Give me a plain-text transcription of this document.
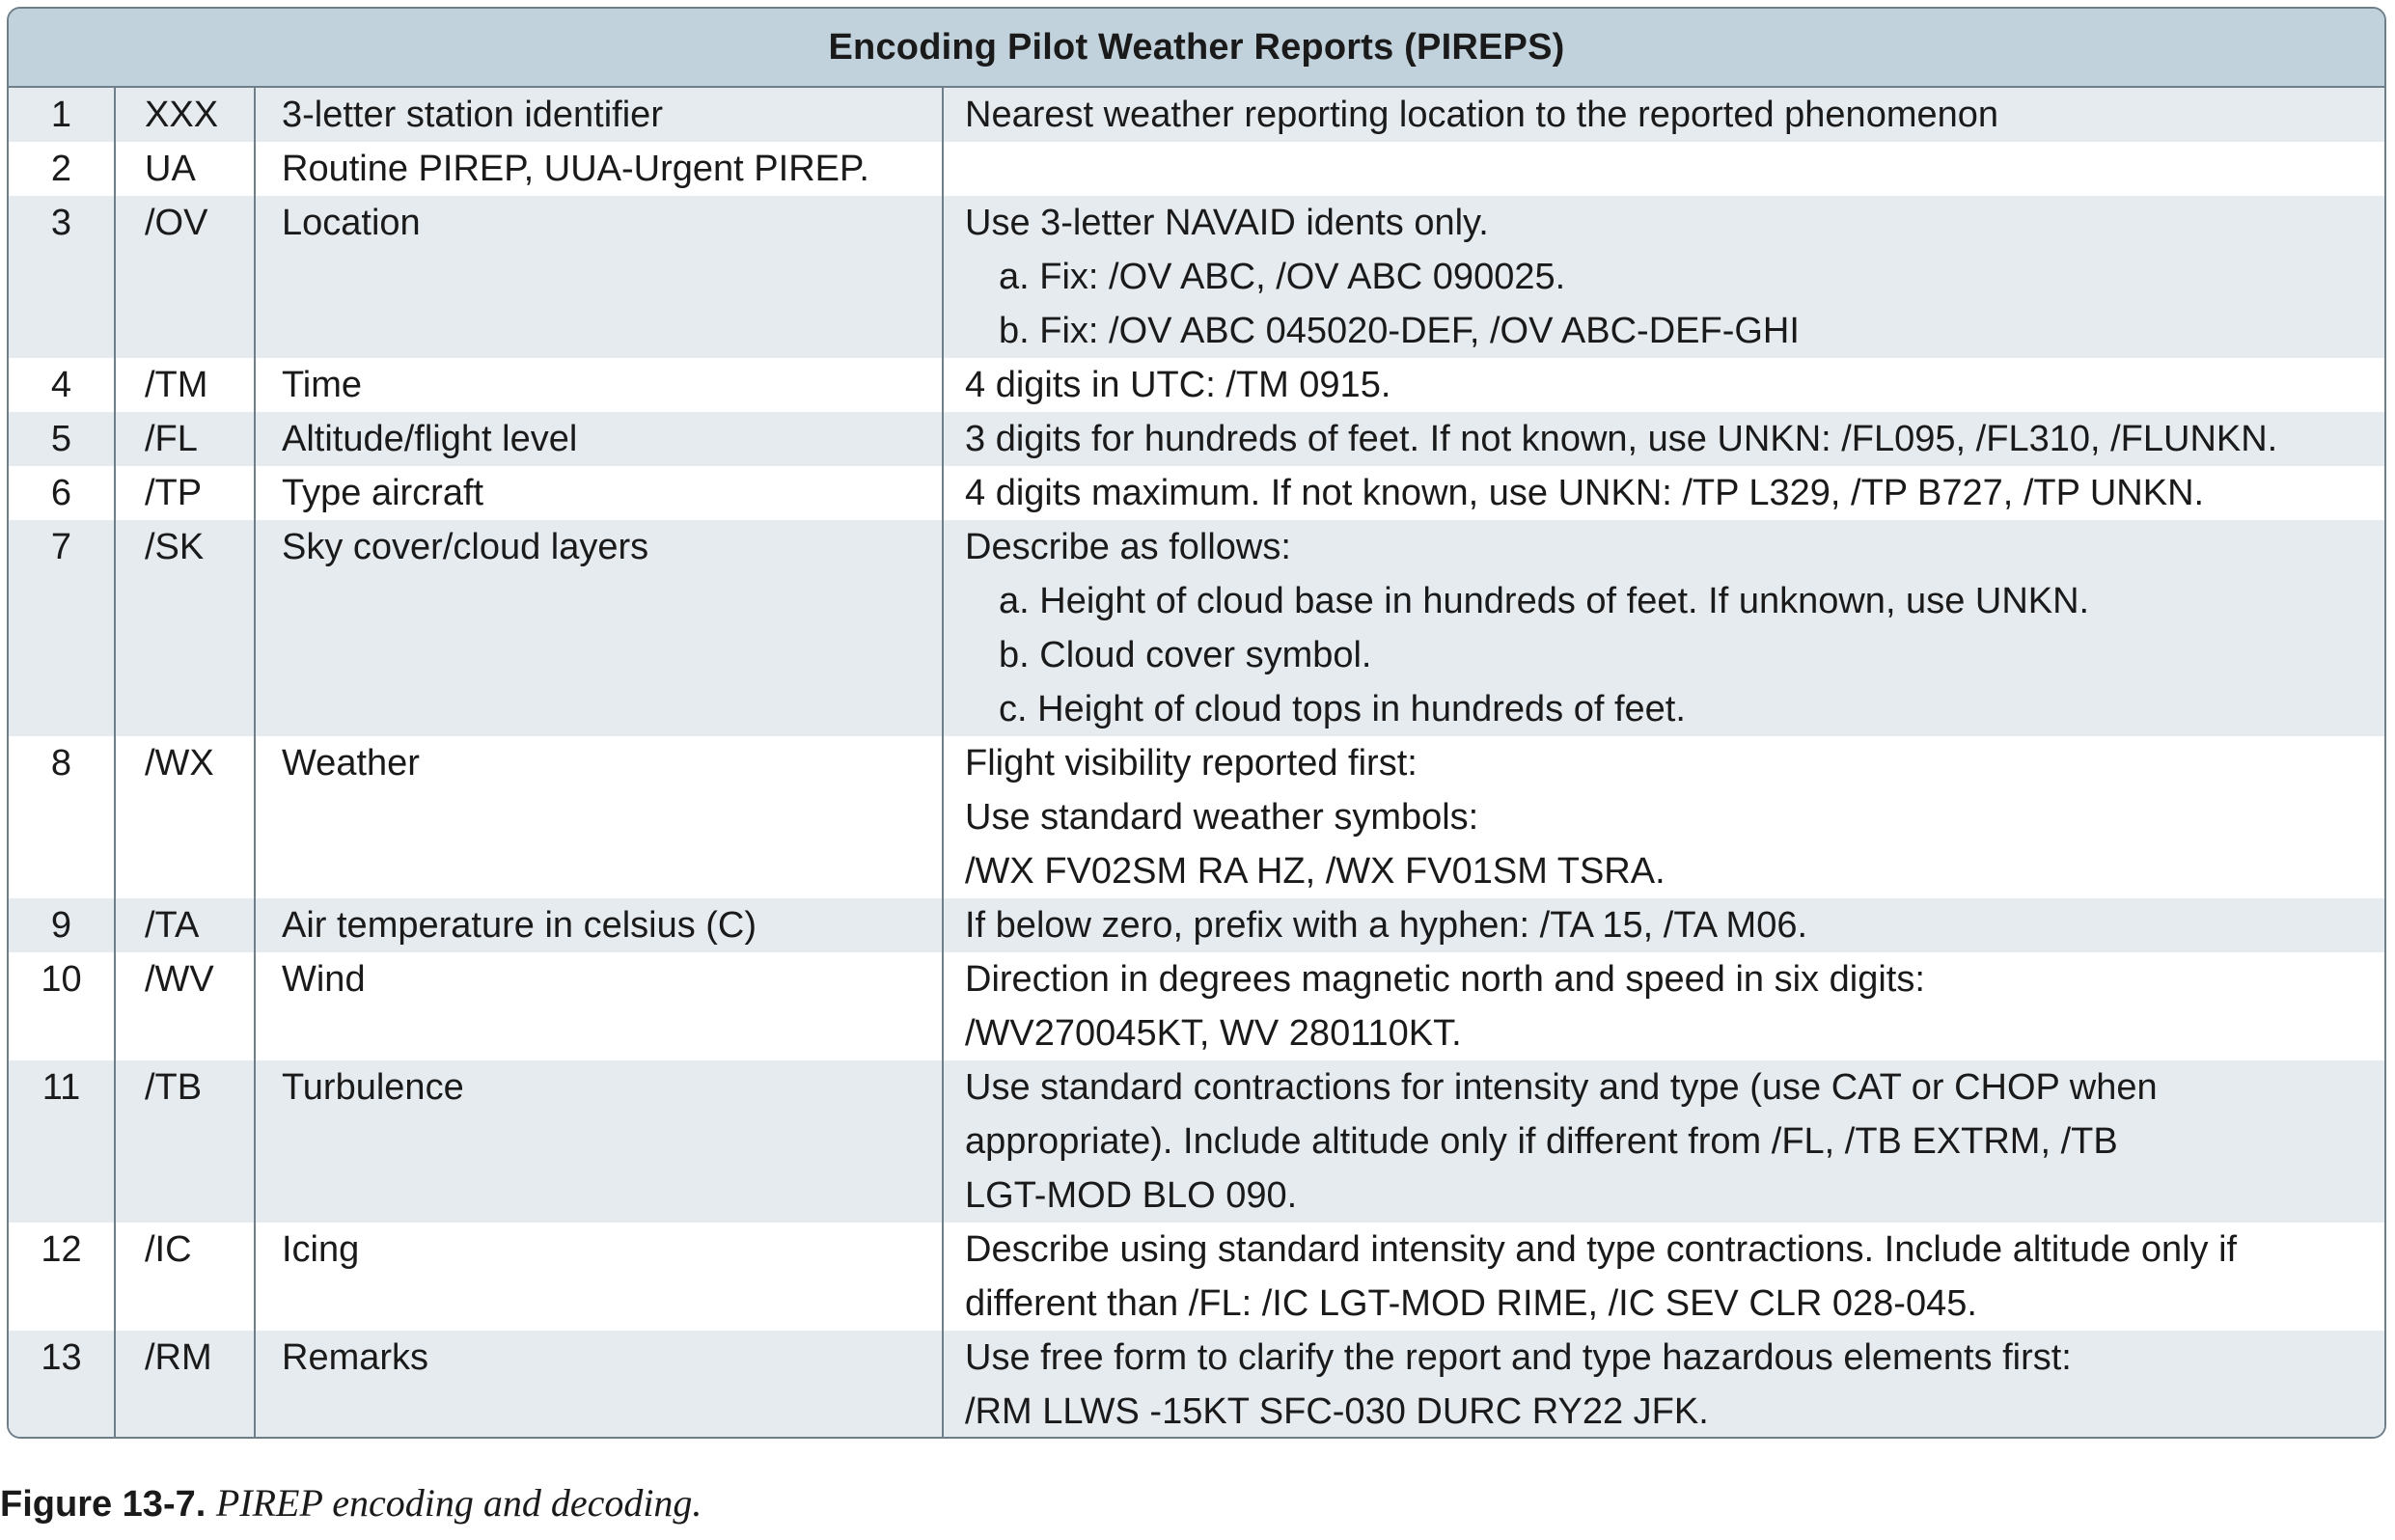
Encoding Pilot Weather Reports (PIREPS)
1	XXX	3-letter station identifier	Nearest weather reporting location to the reported phenomenon

2	UA	Routine PIREP, UUA-Urgent PIREP.	
3	/OV	Location	Use 3-letter NAVAID idents only.
a. Fix: /OV ABC, /OV ABC 090025.
b. Fix: /OV ABC 045020-DEF, /OV ABC-DEF-GHI

4	/TM	Time	4 digits in UTC: /TM 0915.

5	/FL	Altitude/flight level	3 digits for hundreds of feet. If not known, use UNKN: /FL095, /FL310, /FLUNKN.

6	/TP	Type aircraft	4 digits maximum. If not known, use UNKN: /TP L329, /TP B727, /TP UNKN.

7	/SK	Sky cover/cloud layers	Describe as follows:
a. Height of cloud base in hundreds of feet. If unknown, use UNKN.
b. Cloud cover symbol.
c. Height of cloud tops in hundreds of feet.

8	/WX	Weather	Flight visibility reported first:
Use standard weather symbols:
/WX FV02SM RA HZ, /WX FV01SM TSRA.

9	/TA	Air temperature in celsius (C)	If below zero, prefix with a hyphen: /TA 15, /TA M06.

10	/WV	Wind	Direction in degrees magnetic north and speed in six digits:
/WV270045KT, WV 280110KT.

11	/TB	Turbulence	Use standard contractions for intensity and type (use CAT or CHOP when
appropriate). Include altitude only if different from /FL, /TB EXTRM, /TB
LGT-MOD BLO 090.

12	/IC	Icing	Describe using standard intensity and type contractions. Include altitude only if
different than /FL: /IC LGT-MOD RIME, /IC SEV CLR 028-045.

13	/RM	Remarks	Use free form to clarify the report and type hazardous elements first:
/RM LLWS -15KT SFC-030 DURC RY22 JFK.
Figure 13-7. PIREP encoding and decoding.
